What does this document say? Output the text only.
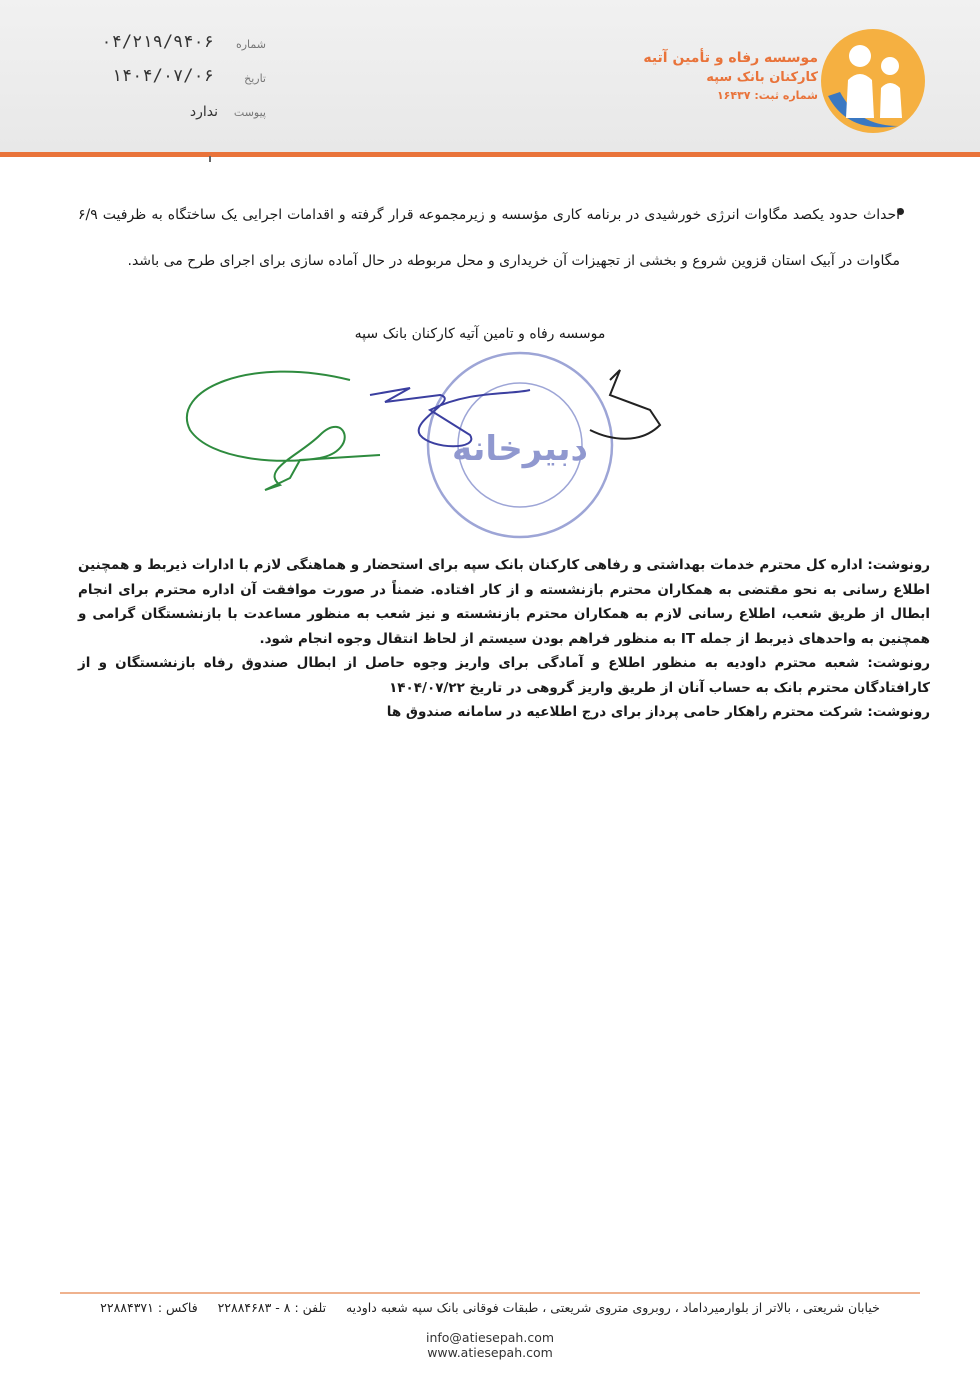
شماره
۰۴/۲۱۹/۹۴۰۶
تاریخ
۱۴۰۴/۰۷/۰۶
پیوست
ندارد
موسسه رفاه و تأمین آتیه
کارکنان بانک سپه
شماره ثبت: ۱۶۴۳۷
احداث حدود یکصد مگاوات انرژی خورشیدی در برنامه کاری مؤسسه و زیرمجموعه قرار گرفته و اقدامات اجرایی یک ساختگاه به ظرفیت ۶/۹ مگاوات در آبیک استان قزوین شروع و بخشی از تجهیزات آن خریداری و محل مربوطه در حال آماده سازی برای اجرای طرح می باشد.
موسسه رفاه و تامین آتیه کارکنان بانک سپه
دبیرخانه

رونوشت: اداره کل محترم خدمات بهداشتی و رفاهی کارکنان بانک سپه برای استحضار و هماهنگی لازم با ادارات ذیربط و همچنین اطلاع رسانی به نحو مقتضی به همکاران محترم بازنشسته و از کار افتاده. ضمناً در صورت موافقت آن اداره محترم برای انجام ابطال از طریق شعب، اطلاع رسانی لازم به همکاران محترم بازنشسته و نیز شعب به منظور مساعدت با بازنشستگان گرامی و همچنین به واحدهای ذیربط از جمله IT به منظور فراهم بودن سیستم از لحاظ انتقال وجوه انجام شود.

رونوشت: شعبه محترم داودیه به منظور اطلاع و آمادگی برای واریز وجوه حاصل از ابطال صندوق رفاه بازنشستگان و از کارافتادگان محترم بانک به حساب آنان از طریق واریز گروهی در تاریخ ۱۴۰۴/۰۷/۲۲

رونوشت: شرکت محترم راهکار حامی پرداز برای درج اطلاعیه در سامانه صندوق ها

خیابان شریعتی ، بالاتر از بلوارمیرداماد ، روبروی متروی شریعتی ، طبقات فوقانی بانک سپه شعبه داودیه     تلفن : ۸ - ۲۲۸۸۴۶۸۳     فاکس : ۲۲۸۸۴۳۷۱
info@atiesepah.com www.atiesepah.com
